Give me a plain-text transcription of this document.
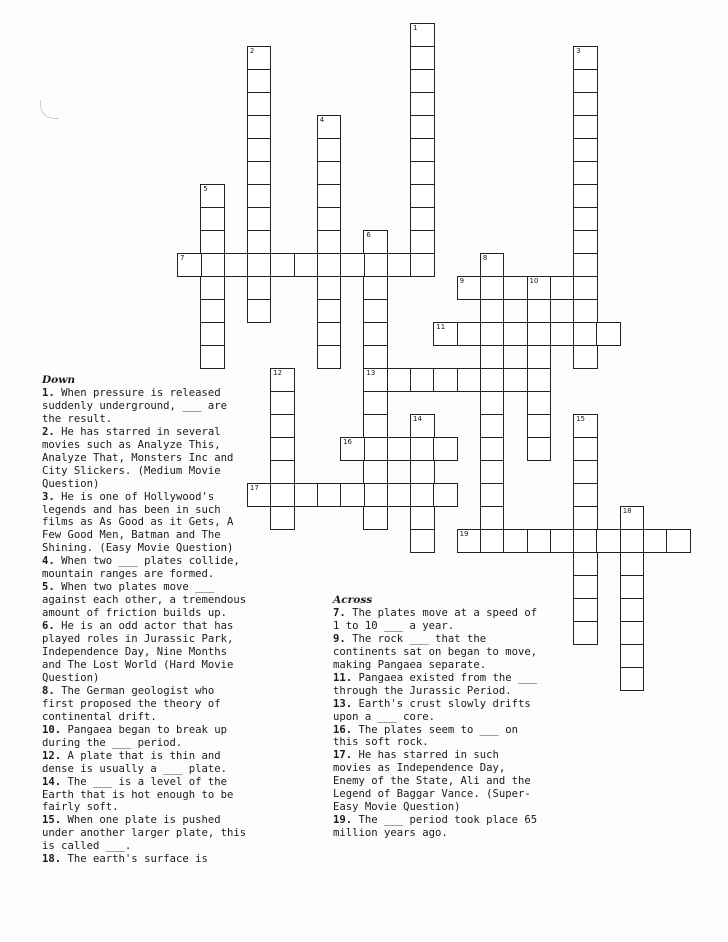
1
2	3
4
5
6
13
7	8
9	10
11
12
14	15
16
17
18
19
Down
1. When pressure is released
suddenly underground, ___ are
the result.
2. He has starred in several
movies such as Analyze This,
Analyze That, Monsters Inc and
City Slickers. (Medium Movie
Question)
3. He is one of Hollywood's
legends and has been in such
films as As Good as it Gets, A
Few Good Men, Batman and The
Shining. (Easy Movie Question)
4. When two ___ plates collide,
mountain ranges are formed.
5. When two plates move ___
against each other, a tremendous
amount of friction builds up.
6. He is an odd actor that has
played roles in Jurassic Park,
Independence Day, Nine Months
and The Lost World (Hard Movie
Question)
8. The German geologist who
first proposed the theory of
continental drift.
10. Pangaea began to break up
during the ___ period.
12. A plate that is thin and
dense is usually a ___ plate.
14. The ___ is a level of the
Earth that is hot enough to be
fairly soft.
15. When one plate is pushed
under another larger plate, this
is called ___.
18. The earth's surface is
Across
7. The plates move at a speed of
1 to 10 ___ a year.
9. The rock ___ that the
continents sat on began to move,
making Pangaea separate.
11. Pangaea existed from the ___
through the Jurassic Period.
13. Earth's crust slowly drifts
upon a ___ core.
16. The plates seem to ___ on
this soft rock.
17. He has starred in such
movies as Independence Day,
Enemy of the State, Ali and the
Legend of Baggar Vance. (Super-
Easy Movie Question)
19. The ___ period took place 65
million years ago.
